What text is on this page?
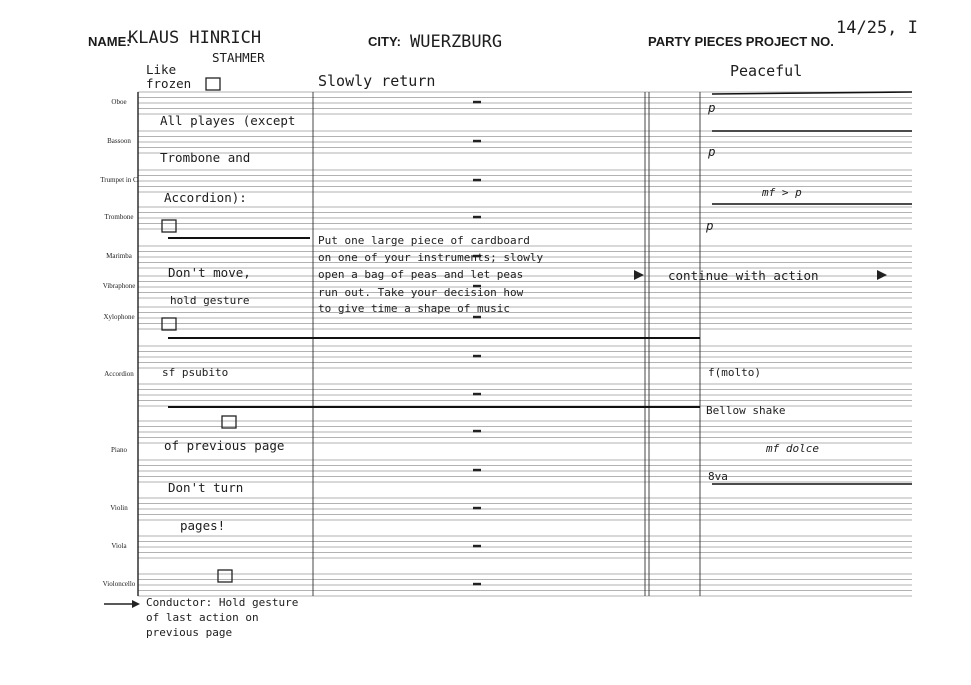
NAME:
KLAUS HINRICH
STAHMER
CITY: WUERZBURG	PARTY PIECES PROJECT NO.
14/25, I
Like
frozen	Slowly return
Peaceful
Oboe
Bassoon
Trumpet in C
Trombone
Marimba
Vibraphone
Xylophone
Accordion
Piano
Violin
Viola
Violoncello
All playes (except
Trombone and
Accordion):
Don't move,
hold gesture
sf psubito
of previous page
Don't turn
pages!
Put one large piece of cardboard
on one of your instruments; slowly
open a bag of peas and let peas
run out. Take your decision how
to give time a shape of music
continue with action
p
p
mf > p
p
f(molto)
Bellow shake
mf dolce
8va
Conductor: Hold gesture
of last action on
previous page
